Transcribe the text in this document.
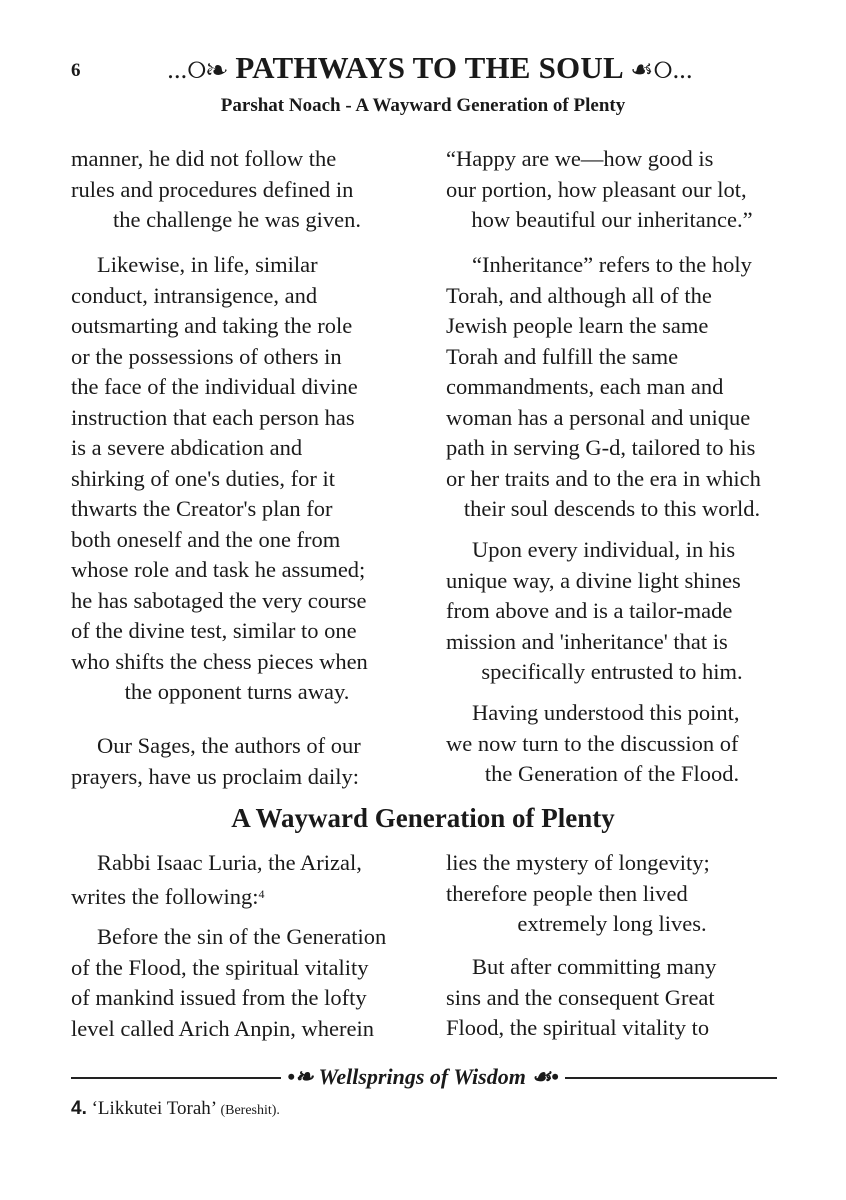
6	...୦❧ PATHWAYS TO THE SOUL ☙୦...
Parshat Noach - A Wayward Generation of Plenty
manner, he did not follow the
rules and procedures defined in
the challenge he was given.
Likewise, in life, similar
conduct, intransigence, and
outsmarting and taking the role
or the possessions of others in
the face of the individual divine
instruction that each person has
is a severe abdication and
shirking of one's duties, for it
thwarts the Creator's plan for
both oneself and the one from
whose role and task he assumed;
he has sabotaged the very course
of the divine test, similar to one
who shifts the chess pieces when
the opponent turns away.
Our Sages, the authors of our
prayers, have us proclaim daily:
“Happy are we—how good is
our portion, how pleasant our lot,
how beautiful our inheritance.”
“Inheritance” refers to the holy
Torah, and although all of the
Jewish people learn the same
Torah and fulfill the same
commandments, each man and
woman has a personal and unique
path in serving G-d, tailored to his
or her traits and to the era in which
their soul descends to this world.
Upon every individual, in his
unique way, a divine light shines
from above and is a tailor-made
mission and 'inheritance' that is
specifically entrusted to him.
Having understood this point,
we now turn to the discussion of
the Generation of the Flood.
A Wayward Generation of Plenty
Rabbi Isaac Luria, the Arizal,
writes the following:$^4$
Before the sin of the Generation
of the Flood, the spiritual vitality
of mankind issued from the lofty
level called Arich Anpin, wherein
lies the mystery of longevity;
therefore people then lived
extremely long lives.
But after committing many
sins and the consequent Great
Flood, the spiritual vitality to
•❧ Wellsprings of Wisdom ☙•
4. ‘Likkutei Torah’ (Bereshit).
